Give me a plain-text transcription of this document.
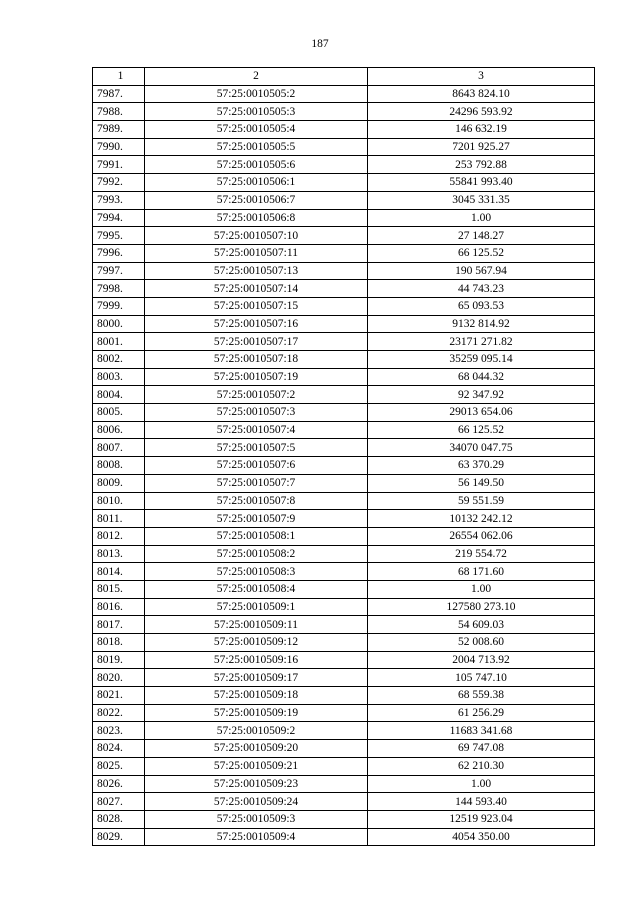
187
1	2	3
7987.	57:25:0010505:2	8643 824.10
7988.	57:25:0010505:3	24296 593.92
7989.	57:25:0010505:4	146 632.19
7990.	57:25:0010505:5	7201 925.27
7991.	57:25:0010505:6	253 792.88
7992.	57:25:0010506:1	55841 993.40
7993.	57:25:0010506:7	3045 331.35
7994.	57:25:0010506:8	1.00
7995.	57:25:0010507:10	27 148.27
7996.	57:25:0010507:11	66 125.52
7997.	57:25:0010507:13	190 567.94
7998.	57:25:0010507:14	44 743.23
7999.	57:25:0010507:15	65 093.53
8000.	57:25:0010507:16	9132 814.92
8001.	57:25:0010507:17	23171 271.82
8002.	57:25:0010507:18	35259 095.14
8003.	57:25:0010507:19	68 044.32
8004.	57:25:0010507:2	92 347.92
8005.	57:25:0010507:3	29013 654.06
8006.	57:25:0010507:4	66 125.52
8007.	57:25:0010507:5	34070 047.75
8008.	57:25:0010507:6	63 370.29
8009.	57:25:0010507:7	56 149.50
8010.	57:25:0010507:8	59 551.59
8011.	57:25:0010507:9	10132 242.12
8012.	57:25:0010508:1	26554 062.06
8013.	57:25:0010508:2	219 554.72
8014.	57:25:0010508:3	68 171.60
8015.	57:25:0010508:4	1.00
8016.	57:25:0010509:1	127580 273.10
8017.	57:25:0010509:11	54 609.03
8018.	57:25:0010509:12	52 008.60
8019.	57:25:0010509:16	2004 713.92
8020.	57:25:0010509:17	105 747.10
8021.	57:25:0010509:18	68 559.38
8022.	57:25:0010509:19	61 256.29
8023.	57:25:0010509:2	11683 341.68
8024.	57:25:0010509:20	69 747.08
8025.	57:25:0010509:21	62 210.30
8026.	57:25:0010509:23	1.00
8027.	57:25:0010509:24	144 593.40
8028.	57:25:0010509:3	12519 923.04
8029.	57:25:0010509:4	4054 350.00
